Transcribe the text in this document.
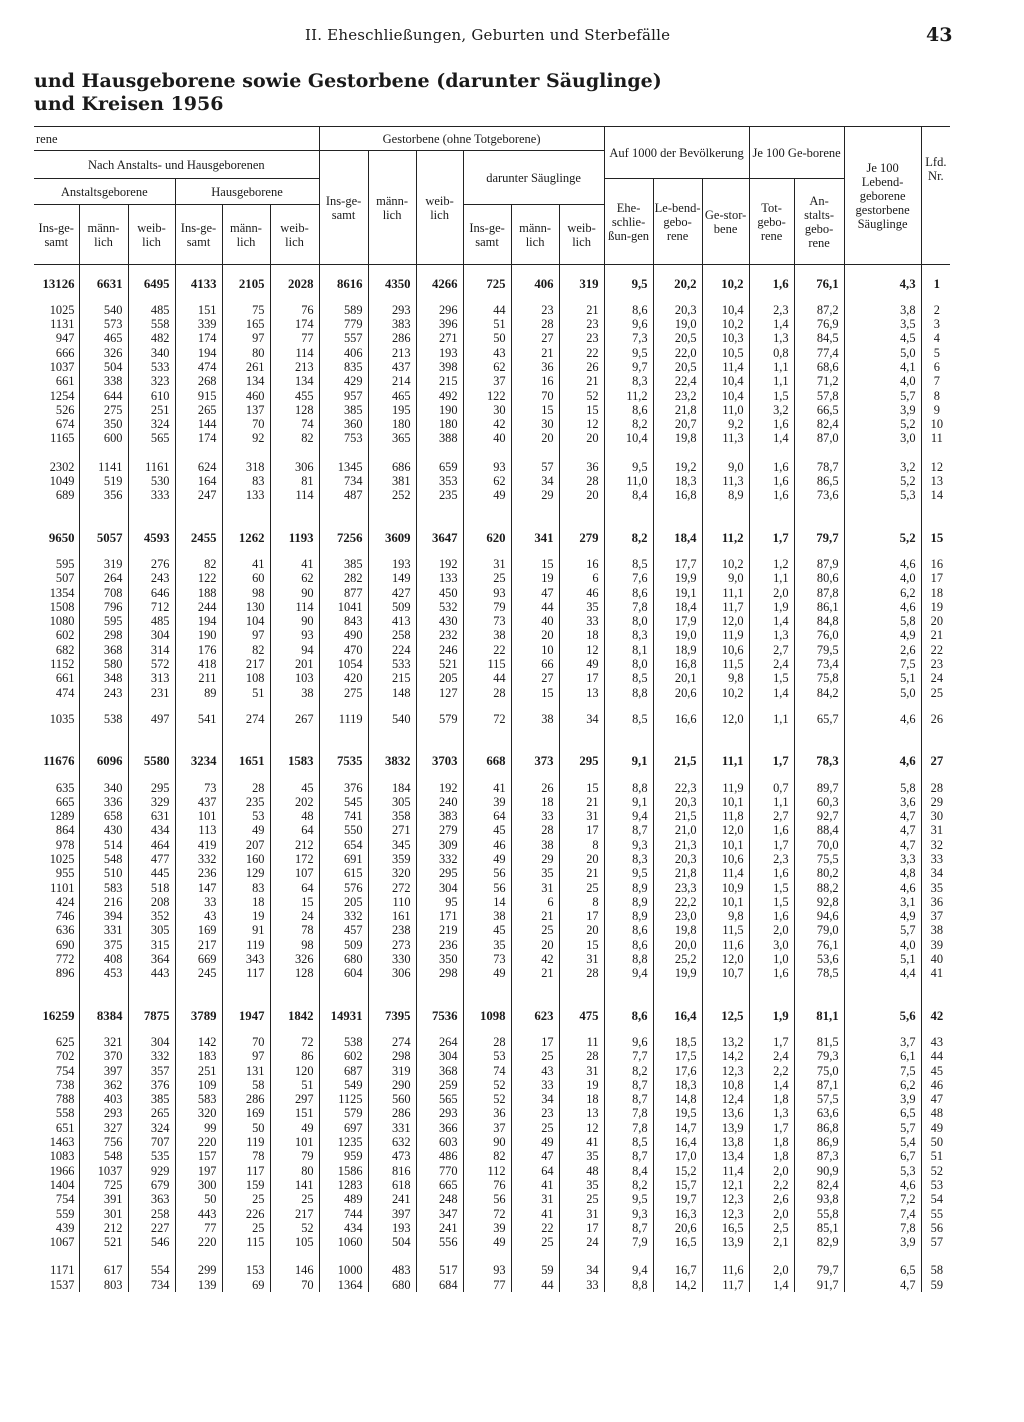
II. Eheschließungen, Geburten und Sterbefälle	43
und Hausgeborene sowie Gestorbene (darunter Säuglinge)
und Kreisen 1956
rene						Gestorbene (ohne Totgeborene)						Auf 1000 der Bevölkerung			Je 100 Ge-borene		Je 100 Lebend-geborene gestorbene Säuglinge	Lfd. Nr.
Nach Anstalts- und Hausgeborenen						Ins-ge-samt	männ-lich	weib-lich	darunter Säuglinge									
Anstaltsgeborene			Hausgeborene									Ehe-schlie-ßun-gen	Le-bend-gebo-rene	Ge-stor-bene	Tot-gebo-rene	An-stalts-gebo-rene		
Ins-ge-samt	männ-lich	weib-lich	Ins-ge-samt	männ-lich	weib-lich				Ins-ge-samt	männ-lich	weib-lich							

13126	6631	6495	4133	2105	2028	8616	4350	4266	725	406	319	9,5	20,2	10,2	1,6	76,1	4,3	1

1025	540	485	151	75	76	589	293	296	44	23	21	8,6	20,3	10,4	2,3	87,2	3,8	2
1131	573	558	339	165	174	779	383	396	51	28	23	9,6	19,0	10,2	1,4	76,9	3,5	3
947	465	482	174	97	77	557	286	271	50	27	23	7,3	20,5	10,3	1,3	84,5	4,5	4
666	326	340	194	80	114	406	213	193	43	21	22	9,5	22,0	10,5	0,8	77,4	5,0	5
1037	504	533	474	261	213	835	437	398	62	36	26	9,7	20,5	11,4	1,1	68,6	4,1	6
661	338	323	268	134	134	429	214	215	37	16	21	8,3	22,4	10,4	1,1	71,2	4,0	7
1254	644	610	915	460	455	957	465	492	122	70	52	11,2	23,2	10,4	1,5	57,8	5,7	8
526	275	251	265	137	128	385	195	190	30	15	15	8,6	21,8	11,0	3,2	66,5	3,9	9
674	350	324	144	70	74	360	180	180	42	30	12	8,2	20,7	9,2	1,6	82,4	5,2	10
1165	600	565	174	92	82	753	365	388	40	20	20	10,4	19,8	11,3	1,4	87,0	3,0	11

2302	1141	1161	624	318	306	1345	686	659	93	57	36	9,5	19,2	9,0	1,6	78,7	3,2	12
1049	519	530	164	83	81	734	381	353	62	34	28	11,0	18,3	11,3	1,6	86,5	5,2	13
689	356	333	247	133	114	487	252	235	49	29	20	8,4	16,8	8,9	1,6	73,6	5,3	14

9650	5057	4593	2455	1262	1193	7256	3609	3647	620	341	279	8,2	18,4	11,2	1,7	79,7	5,2	15

595	319	276	82	41	41	385	193	192	31	15	16	8,5	17,7	10,2	1,2	87,9	4,6	16
507	264	243	122	60	62	282	149	133	25	19	6	7,6	19,9	9,0	1,1	80,6	4,0	17
1354	708	646	188	98	90	877	427	450	93	47	46	8,6	19,1	11,1	2,0	87,8	6,2	18
1508	796	712	244	130	114	1041	509	532	79	44	35	7,8	18,4	11,7	1,9	86,1	4,6	19
1080	595	485	194	104	90	843	413	430	73	40	33	8,0	17,9	12,0	1,4	84,8	5,8	20
602	298	304	190	97	93	490	258	232	38	20	18	8,3	19,0	11,9	1,3	76,0	4,9	21
682	368	314	176	82	94	470	224	246	22	10	12	8,1	18,9	10,6	2,7	79,5	2,6	22
1152	580	572	418	217	201	1054	533	521	115	66	49	8,0	16,8	11,5	2,4	73,4	7,5	23
661	348	313	211	108	103	420	215	205	44	27	17	8,5	20,1	9,8	1,5	75,8	5,1	24
474	243	231	89	51	38	275	148	127	28	15	13	8,8	20,6	10,2	1,4	84,2	5,0	25

1035	538	497	541	274	267	1119	540	579	72	38	34	8,5	16,6	12,0	1,1	65,7	4,6	26

11676	6096	5580	3234	1651	1583	7535	3832	3703	668	373	295	9,1	21,5	11,1	1,7	78,3	4,6	27

635	340	295	73	28	45	376	184	192	41	26	15	8,8	22,3	11,9	0,7	89,7	5,8	28
665	336	329	437	235	202	545	305	240	39	18	21	9,1	20,3	10,1	1,1	60,3	3,6	29
1289	658	631	101	53	48	741	358	383	64	33	31	9,4	21,5	11,8	2,7	92,7	4,7	30
864	430	434	113	49	64	550	271	279	45	28	17	8,7	21,0	12,0	1,6	88,4	4,7	31
978	514	464	419	207	212	654	345	309	46	38	8	9,3	21,3	10,1	1,7	70,0	4,7	32
1025	548	477	332	160	172	691	359	332	49	29	20	8,3	20,3	10,6	2,3	75,5	3,3	33
955	510	445	236	129	107	615	320	295	56	35	21	9,5	21,8	11,4	1,6	80,2	4,8	34
1101	583	518	147	83	64	576	272	304	56	31	25	8,9	23,3	10,9	1,5	88,2	4,6	35
424	216	208	33	18	15	205	110	95	14	6	8	8,9	22,2	10,1	1,5	92,8	3,1	36
746	394	352	43	19	24	332	161	171	38	21	17	8,9	23,0	9,8	1,6	94,6	4,9	37
636	331	305	169	91	78	457	238	219	45	25	20	8,6	19,8	11,5	2,0	79,0	5,7	38
690	375	315	217	119	98	509	273	236	35	20	15	8,6	20,0	11,6	3,0	76,1	4,0	39
772	408	364	669	343	326	680	330	350	73	42	31	8,8	25,2	12,0	1,0	53,6	5,1	40
896	453	443	245	117	128	604	306	298	49	21	28	9,4	19,9	10,7	1,6	78,5	4,4	41

16259	8384	7875	3789	1947	1842	14931	7395	7536	1098	623	475	8,6	16,4	12,5	1,9	81,1	5,6	42

625	321	304	142	70	72	538	274	264	28	17	11	9,6	18,5	13,2	1,7	81,5	3,7	43
702	370	332	183	97	86	602	298	304	53	25	28	7,7	17,5	14,2	2,4	79,3	6,1	44
754	397	357	251	131	120	687	319	368	74	43	31	8,2	17,6	12,3	2,2	75,0	7,5	45
738	362	376	109	58	51	549	290	259	52	33	19	8,7	18,3	10,8	1,4	87,1	6,2	46
788	403	385	583	286	297	1125	560	565	52	34	18	8,7	14,8	12,4	1,8	57,5	3,9	47
558	293	265	320	169	151	579	286	293	36	23	13	7,8	19,5	13,6	1,3	63,6	6,5	48
651	327	324	99	50	49	697	331	366	37	25	12	7,8	14,7	13,9	1,7	86,8	5,7	49
1463	756	707	220	119	101	1235	632	603	90	49	41	8,5	16,4	13,8	1,8	86,9	5,4	50
1083	548	535	157	78	79	959	473	486	82	47	35	8,7	17,0	13,4	1,8	87,3	6,7	51
1966	1037	929	197	117	80	1586	816	770	112	64	48	8,4	15,2	11,4	2,0	90,9	5,3	52
1404	725	679	300	159	141	1283	618	665	76	41	35	8,2	15,7	12,1	2,2	82,4	4,6	53
754	391	363	50	25	25	489	241	248	56	31	25	9,5	19,7	12,3	2,6	93,8	7,2	54
559	301	258	443	226	217	744	397	347	72	41	31	9,3	16,3	12,3	2,0	55,8	7,4	55
439	212	227	77	25	52	434	193	241	39	22	17	8,7	20,6	16,5	2,5	85,1	7,8	56
1067	521	546	220	115	105	1060	504	556	49	25	24	7,9	16,5	13,9	2,1	82,9	3,9	57

1171	617	554	299	153	146	1000	483	517	93	59	34	9,4	16,7	11,6	2,0	79,7	6,5	58
1537	803	734	139	69	70	1364	680	684	77	44	33	8,8	14,2	11,7	1,4	91,7	4,7	59
